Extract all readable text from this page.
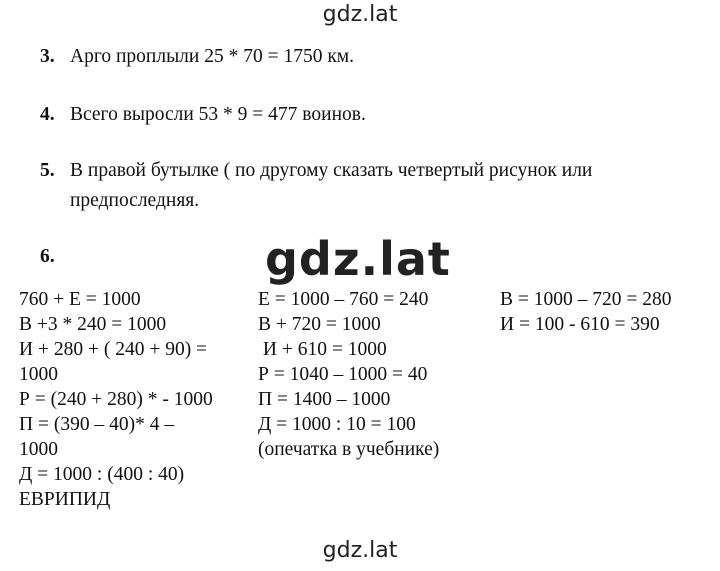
gdz.lat
3. Арго проплыли 25 * 70 = 1750 км.
4. Всего выросли 53 * 9 = 477 воинов.
5. В правой бутылке ( по другому сказать четвертый рисунок или предпоследняя.
6.	gdz.lat
760 + Е = 1000
В +3 * 240 = 1000
И + 280 + ( 240 + 90) =
1000
Р = (240 + 280) * - 1000
П = (390 – 40)* 4 –
1000
Д = 1000 : (400 : 40)
ЕВРИПИД
Е = 1000 – 760 = 240
В + 720 = 1000
И + 610 = 1000
Р = 1040 – 1000 = 40
П = 1400 – 1000
Д = 1000 : 10 = 100
(опечатка в учебнике)
В = 1000 – 720 = 280
И = 100 - 610 = 390
gdz.lat
